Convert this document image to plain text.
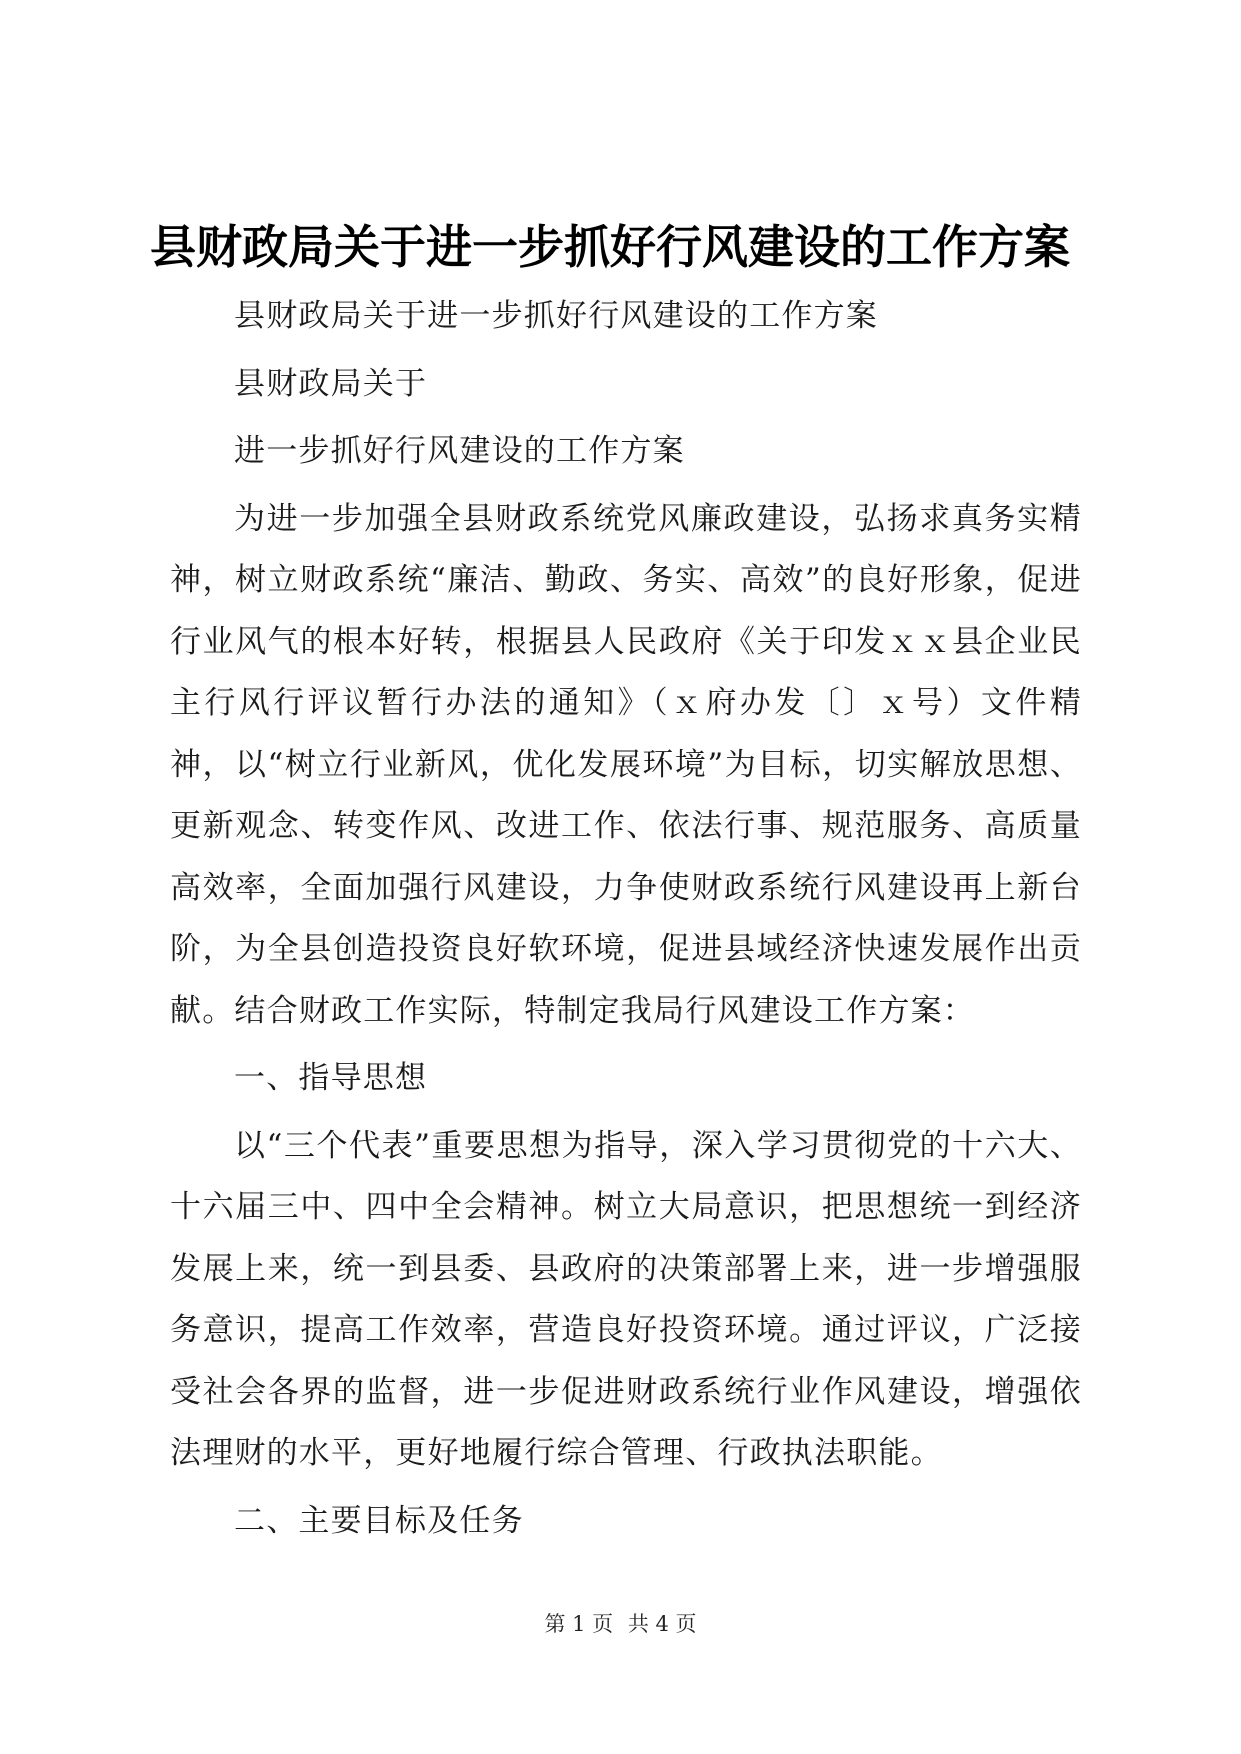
县财政局关于进一步抓好行风建设的工作方案

县财政局关于进一步抓好行风建设的工作方案

县财政局关于

进一步抓好行风建设的工作方案

为进一步加强全县财政系统党风廉政建设，弘扬求真务实精神，树立财政系统“廉洁、勤政、务实、高效”的良好形象，促进行业风气的根本好转，根据县人民政府《关于印发ｘｘ县企业民主行风行评议暂行办法的通知》（ｘ府办发〔〕ｘ号）文件精神，以“树立行业新风，优化发展环境”为目标，切实解放思想、更新观念、转变作风、改进工作、依法行事、规范服务、高质量高效率，全面加强行风建设，力争使财政系统行风建设再上新台阶，为全县创造投资良好软环境，促进县域经济快速发展作出贡献。结合财政工作实际，特制定我局行风建设工作方案：

一、指导思想

以“三个代表”重要思想为指导，深入学习贯彻党的十六大、十六届三中、四中全会精神。树立大局意识，把思想统一到经济发展上来，统一到县委、县政府的决策部署上来，进一步增强服务意识，提高工作效率，营造良好投资环境。通过评议，广泛接受社会各界的监督，进一步促进财政系统行业作风建设，增强依法理财的水平，更好地履行综合管理、行政执法职能。

二、主要目标及任务

第 1 页 共 4 页
